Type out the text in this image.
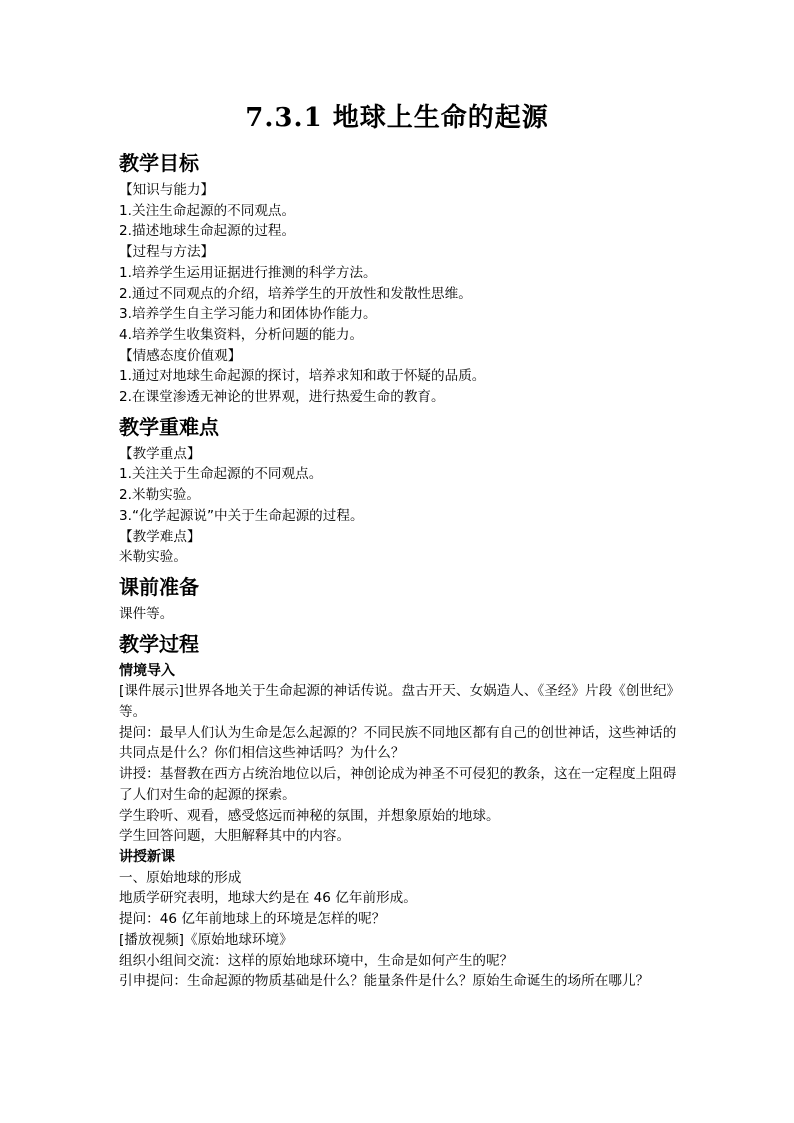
7.3.1 地球上生命的起源
教学目标

【知识与能力】

1.关注生命起源的不同观点。

2.描述地球生命起源的过程。

【过程与方法】

1.培养学生运用证据进行推测的科学方法。

2.通过不同观点的介绍，培养学生的开放性和发散性思维。

3.培养学生自主学习能力和团体协作能力。

4.培养学生收集资料，分析问题的能力。

【情感态度价值观】

1.通过对地球生命起源的探讨，培养求知和敢于怀疑的品质。

2.在课堂渗透无神论的世界观，进行热爱生命的教育。

教学重难点

【教学重点】

1.关注关于生命起源的不同观点。

2.米勒实验。

3.“化学起源说”中关于生命起源的过程。

【教学难点】

米勒实验。

课前准备

课件等。

教学过程
情境导入

[课件展示]世界各地关于生命起源的神话传说。盘古开天、女娲造人、《圣经》片段《创世纪》等。

提问：最早人们认为生命是怎么起源的？不同民族不同地区都有自己的创世神话，这些神话的共同点是什么？你们相信这些神话吗？为什么？

讲授：基督教在西方占统治地位以后，神创论成为神圣不可侵犯的教条，这在一定程度上阻碍了人们对生命的起源的探索。

学生聆听、观看，感受悠远而神秘的氛围，并想象原始的地球。

学生回答问题，大胆解释其中的内容。

讲授新课

一、原始地球的形成

地质学研究表明，地球大约是在 46 亿年前形成。

提问：46 亿年前地球上的环境是怎样的呢？

[播放视频]《原始地球环境》

组织小组间交流：这样的原始地球环境中，生命是如何产生的呢？

引申提问：生命起源的物质基础是什么？能量条件是什么？原始生命诞生的场所在哪儿？
